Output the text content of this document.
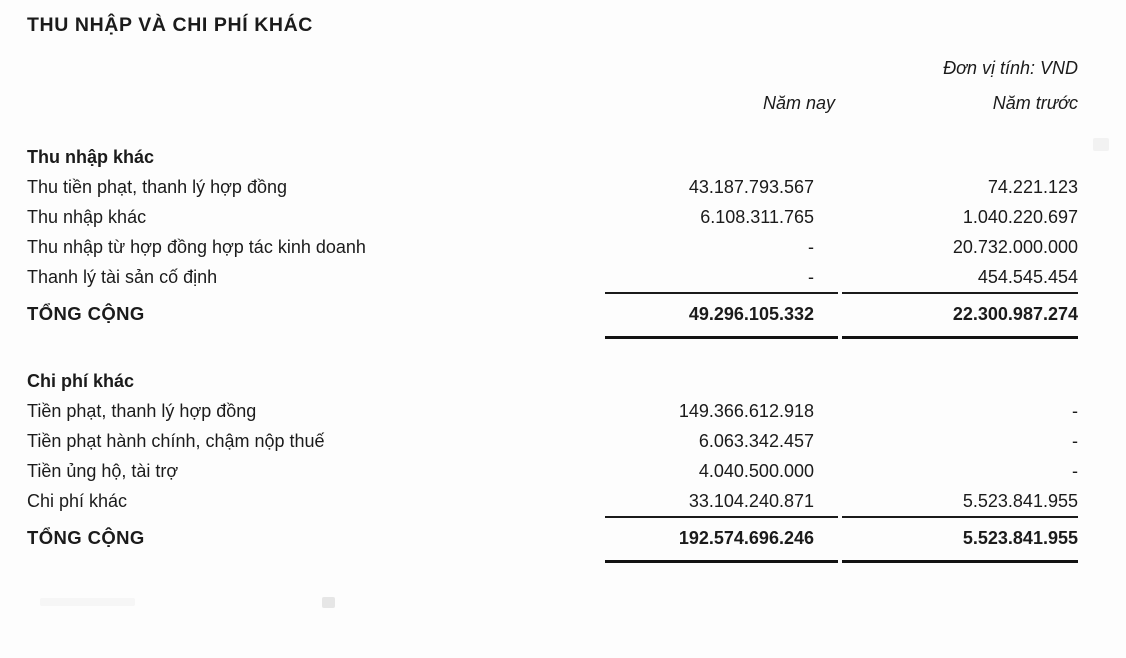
THU NHẬP VÀ CHI PHÍ KHÁC
Đơn vị tính: VND
Năm nay	Năm trước
Thu nhập khác
Thu tiền phạt, thanh lý hợp đồng	43.187.793.567	74.221.123
Thu nhập khác	6.108.311.765	1.040.220.697
Thu nhập từ hợp đồng hợp tác kinh doanh	-	20.732.000.000
Thanh lý tài sản cố định	-	454.545.454
TỔNG CỘNG	49.296.105.332	22.300.987.274
Chi phí khác
Tiền phạt, thanh lý hợp đồng	149.366.612.918	-
Tiền phạt hành chính, chậm nộp thuế	6.063.342.457	-
Tiền ủng hộ, tài trợ	4.040.500.000	-
Chi phí khác	33.104.240.871	5.523.841.955
TỔNG CỘNG	192.574.696.246	5.523.841.955
